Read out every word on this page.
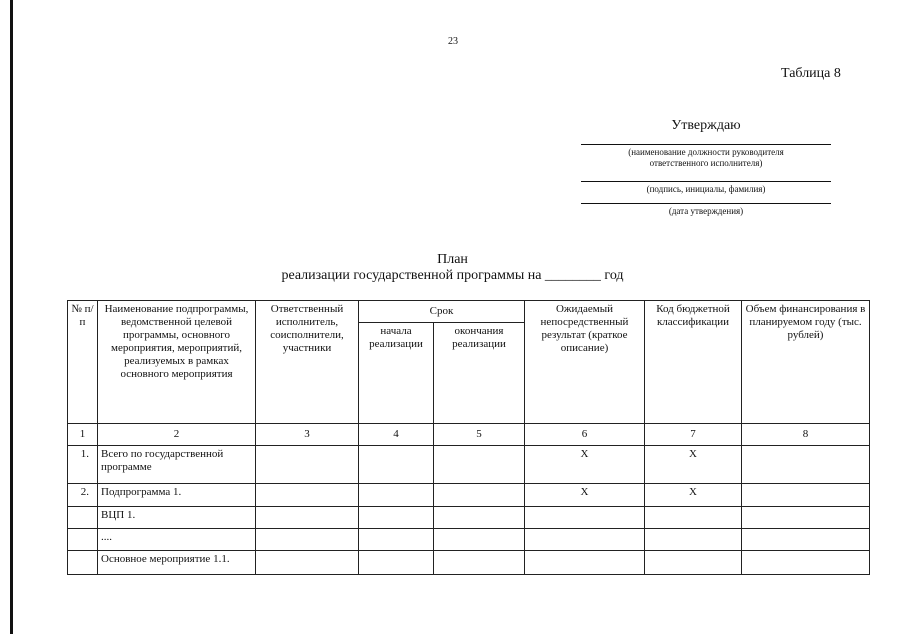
23
Таблица 8
Утверждаю
(наименование должности руководителя ответственного исполнителя)
(подпись, инициалы, фамилия)
(дата утверждения)
План
реализации государственной программы на ________ год
№ п/п	Наименование подпрограммы, ведомственной целевой программы, основного мероприятия, мероприятий, реализуемых в рамках основного мероприятия	Ответственный исполнитель, соисполнители, участники	Срок		Ожидаемый непосредственный результат (краткое описание)	Код бюджетной классификации	Объем финансирования в планируемом году (тыс. рублей)
			начала реализации	окончания реализации			
1	2	3	4	5	6	7	8
1.	Всего по государственной программе				X	X	
2.	Подпрограмма 1.				X	X	
	ВЦП 1.						
	....						
	Основное мероприятие 1.1.						
